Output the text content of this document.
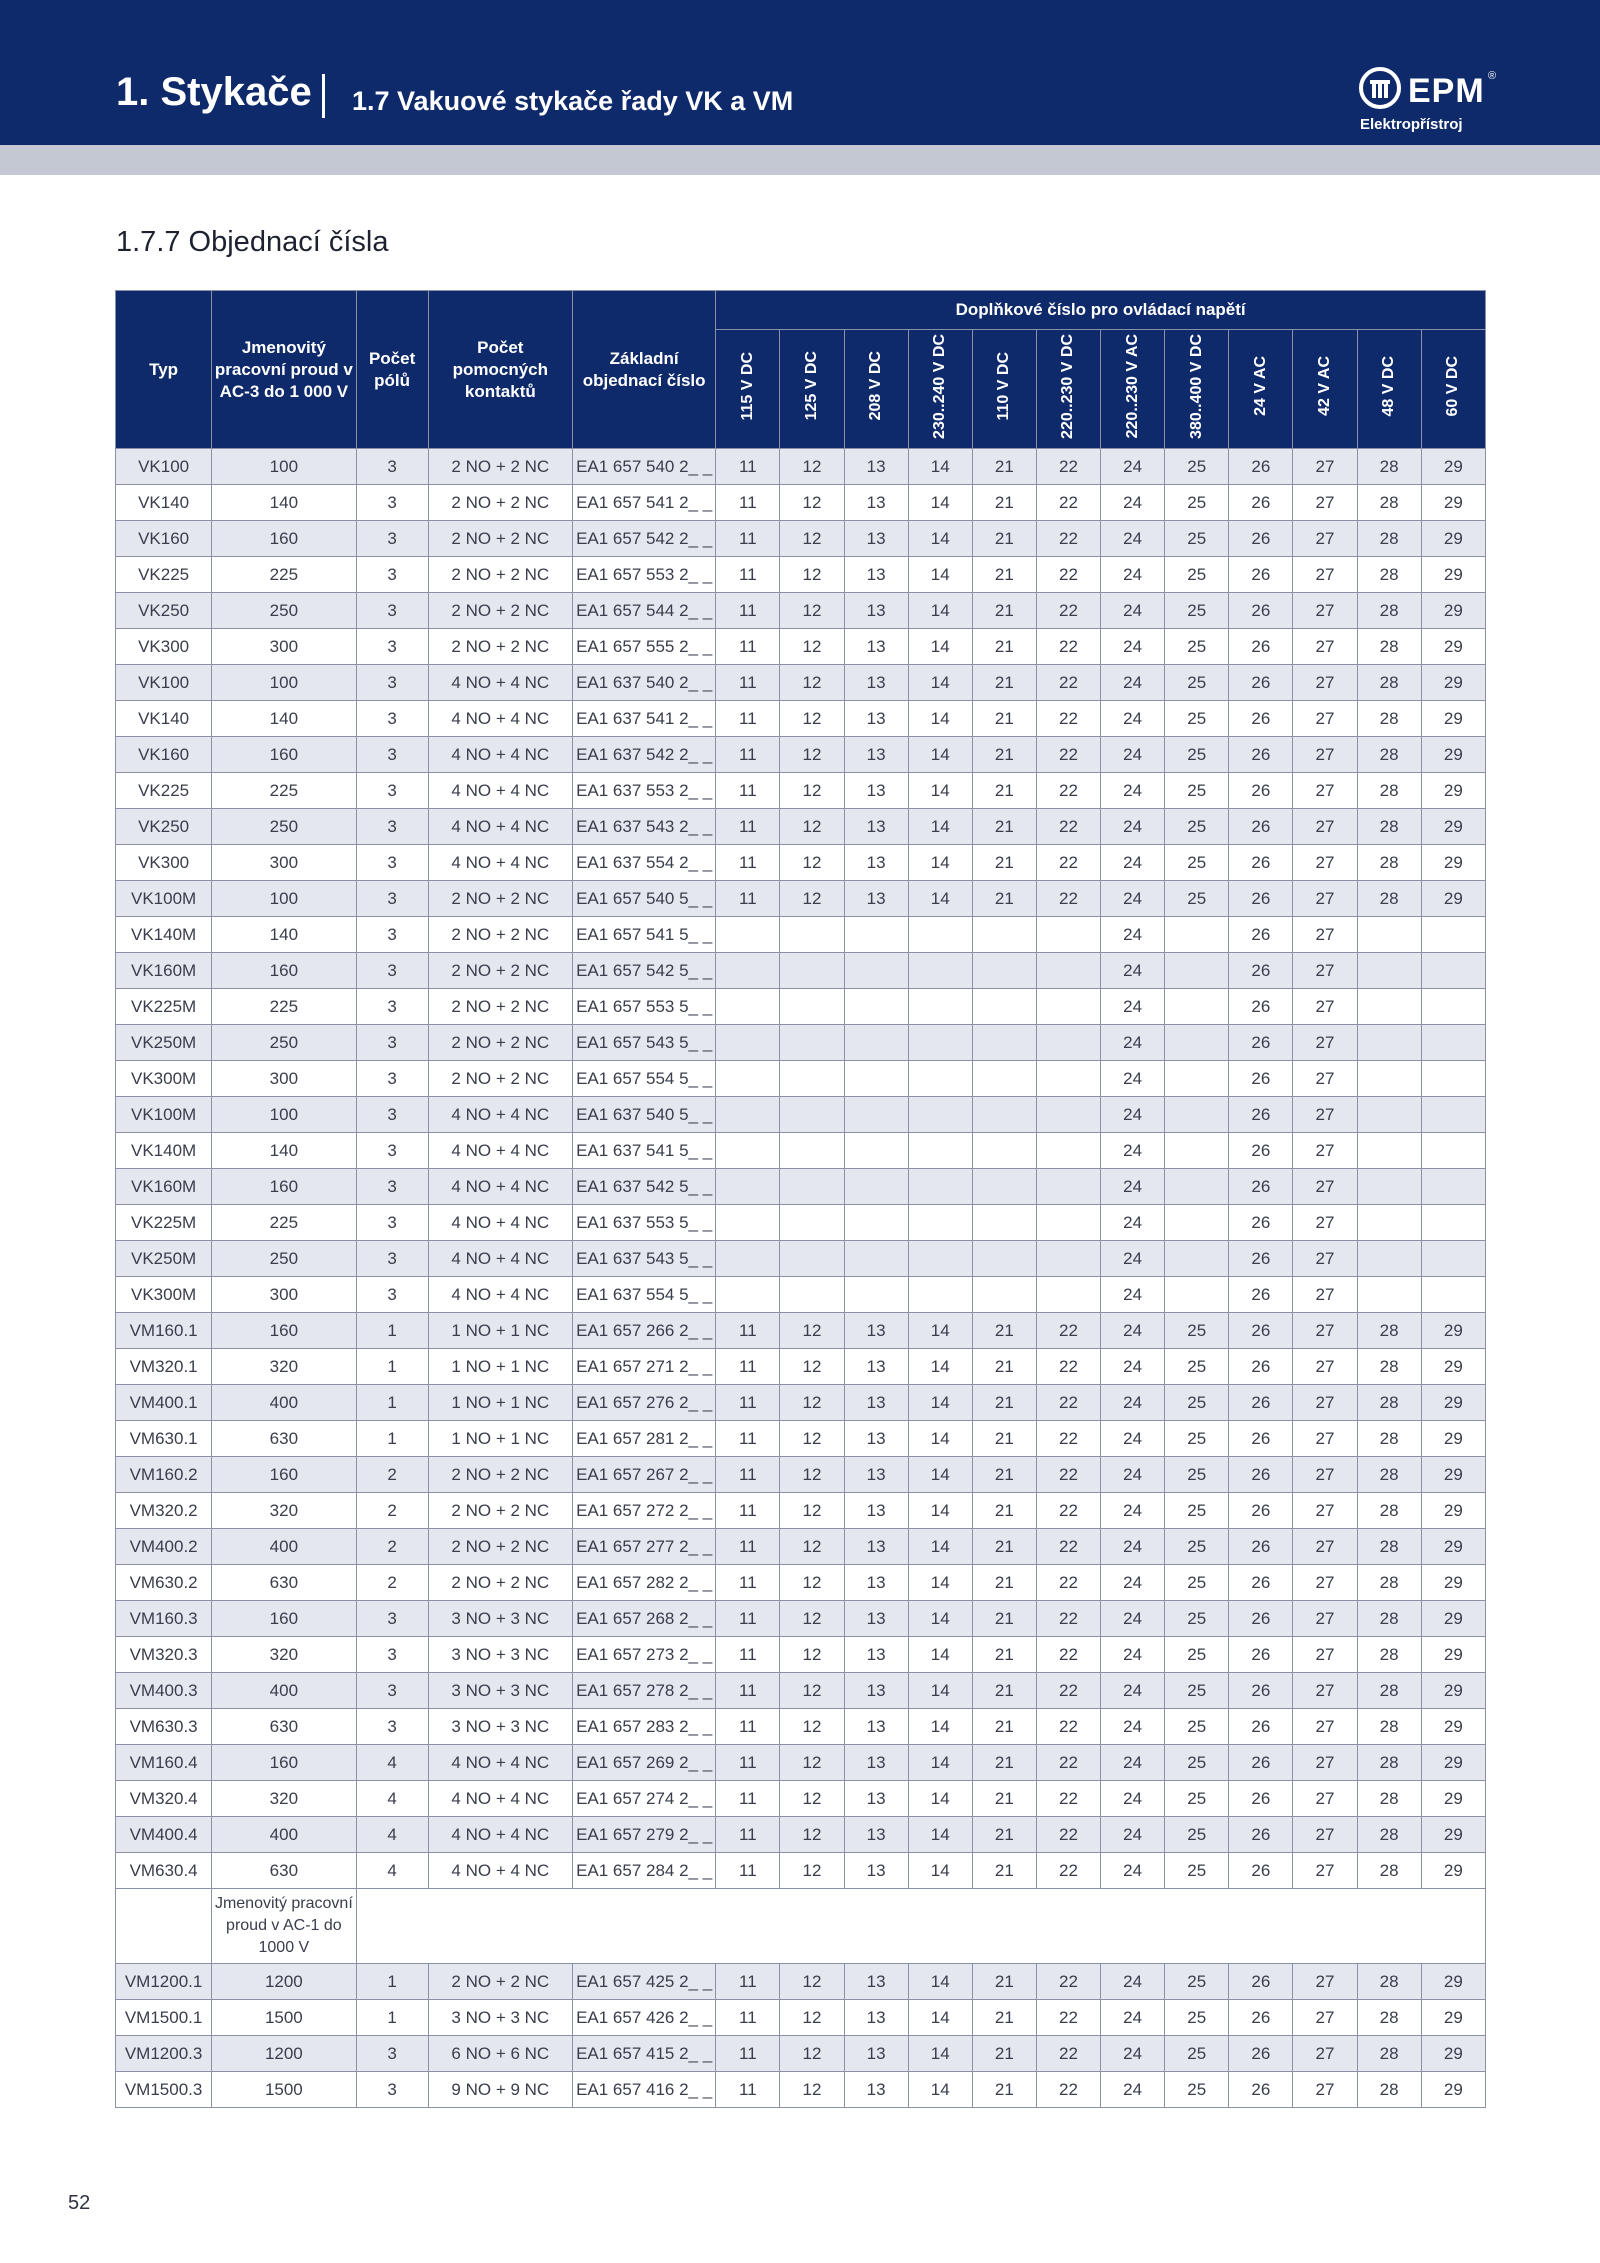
1. Stykače 1.7 Vakuové stykače řady VK a VM	EPM ®
Elektropřístroj
1.7.7 Objednací čísla
Typ	Jmenovitý pracovní proud v AC-3 do 1 000 V	Počet pólů	Počet pomocných kontaktů	Základní objednací číslo	Doplňkové číslo pro ovládací napětí											
					115 V DC	125 V DC	208 V DC	230..240 V DC	110 V DC	220..230 V DC	220..230 V AC	380..400 V DC	24 V AC	42 V AC	48 V DC	60 V DC
VK100	100	3	2 NO + 2 NC	EA1 657 540 2_ _	11	12	13	14	21	22	24	25	26	27	28	29
VK140	140	3	2 NO + 2 NC	EA1 657 541 2_ _	11	12	13	14	21	22	24	25	26	27	28	29
VK160	160	3	2 NO + 2 NC	EA1 657 542 2_ _	11	12	13	14	21	22	24	25	26	27	28	29
VK225	225	3	2 NO + 2 NC	EA1 657 553 2_ _	11	12	13	14	21	22	24	25	26	27	28	29
VK250	250	3	2 NO + 2 NC	EA1 657 544 2_ _	11	12	13	14	21	22	24	25	26	27	28	29
VK300	300	3	2 NO + 2 NC	EA1 657 555 2_ _	11	12	13	14	21	22	24	25	26	27	28	29
VK100	100	3	4 NO + 4 NC	EA1 637 540 2_ _	11	12	13	14	21	22	24	25	26	27	28	29
VK140	140	3	4 NO + 4 NC	EA1 637 541 2_ _	11	12	13	14	21	22	24	25	26	27	28	29
VK160	160	3	4 NO + 4 NC	EA1 637 542 2_ _	11	12	13	14	21	22	24	25	26	27	28	29
VK225	225	3	4 NO + 4 NC	EA1 637 553 2_ _	11	12	13	14	21	22	24	25	26	27	28	29
VK250	250	3	4 NO + 4 NC	EA1 637 543 2_ _	11	12	13	14	21	22	24	25	26	27	28	29
VK300	300	3	4 NO + 4 NC	EA1 637 554 2_ _	11	12	13	14	21	22	24	25	26	27	28	29
VK100M	100	3	2 NO + 2 NC	EA1 657 540 5_ _	11	12	13	14	21	22	24	25	26	27	28	29
VK140M	140	3	2 NO + 2 NC	EA1 657 541 5_ _							24		26	27		
VK160M	160	3	2 NO + 2 NC	EA1 657 542 5_ _							24		26	27		
VK225M	225	3	2 NO + 2 NC	EA1 657 553 5_ _							24		26	27		
VK250M	250	3	2 NO + 2 NC	EA1 657 543 5_ _							24		26	27		
VK300M	300	3	2 NO + 2 NC	EA1 657 554 5_ _							24		26	27		
VK100M	100	3	4 NO + 4 NC	EA1 637 540 5_ _							24		26	27		
VK140M	140	3	4 NO + 4 NC	EA1 637 541 5_ _							24		26	27		
VK160M	160	3	4 NO + 4 NC	EA1 637 542 5_ _							24		26	27		
VK225M	225	3	4 NO + 4 NC	EA1 637 553 5_ _							24		26	27		
VK250M	250	3	4 NO + 4 NC	EA1 637 543 5_ _							24		26	27		
VK300M	300	3	4 NO + 4 NC	EA1 637 554 5_ _							24		26	27		
VM160.1	160	1	1 NO + 1 NC	EA1 657 266 2_ _	11	12	13	14	21	22	24	25	26	27	28	29
VM320.1	320	1	1 NO + 1 NC	EA1 657 271 2_ _	11	12	13	14	21	22	24	25	26	27	28	29
VM400.1	400	1	1 NO + 1 NC	EA1 657 276 2_ _	11	12	13	14	21	22	24	25	26	27	28	29
VM630.1	630	1	1 NO + 1 NC	EA1 657 281 2_ _	11	12	13	14	21	22	24	25	26	27	28	29
VM160.2	160	2	2 NO + 2 NC	EA1 657 267 2_ _	11	12	13	14	21	22	24	25	26	27	28	29
VM320.2	320	2	2 NO + 2 NC	EA1 657 272 2_ _	11	12	13	14	21	22	24	25	26	27	28	29
VM400.2	400	2	2 NO + 2 NC	EA1 657 277 2_ _	11	12	13	14	21	22	24	25	26	27	28	29
VM630.2	630	2	2 NO + 2 NC	EA1 657 282 2_ _	11	12	13	14	21	22	24	25	26	27	28	29
VM160.3	160	3	3 NO + 3 NC	EA1 657 268 2_ _	11	12	13	14	21	22	24	25	26	27	28	29
VM320.3	320	3	3 NO + 3 NC	EA1 657 273 2_ _	11	12	13	14	21	22	24	25	26	27	28	29
VM400.3	400	3	3 NO + 3 NC	EA1 657 278 2_ _	11	12	13	14	21	22	24	25	26	27	28	29
VM630.3	630	3	3 NO + 3 NC	EA1 657 283 2_ _	11	12	13	14	21	22	24	25	26	27	28	29
VM160.4	160	4	4 NO + 4 NC	EA1 657 269 2_ _	11	12	13	14	21	22	24	25	26	27	28	29
VM320.4	320	4	4 NO + 4 NC	EA1 657 274 2_ _	11	12	13	14	21	22	24	25	26	27	28	29
VM400.4	400	4	4 NO + 4 NC	EA1 657 279 2_ _	11	12	13	14	21	22	24	25	26	27	28	29
VM630.4	630	4	4 NO + 4 NC	EA1 657 284 2_ _	11	12	13	14	21	22	24	25	26	27	28	29
	Jmenovitý pracovní proud v AC-1 do 1000 V															
VM1200.1	1200	1	2 NO + 2 NC	EA1 657 425 2_ _	11	12	13	14	21	22	24	25	26	27	28	29
VM1500.1	1500	1	3 NO + 3 NC	EA1 657 426 2_ _	11	12	13	14	21	22	24	25	26	27	28	29
VM1200.3	1200	3	6 NO + 6 NC	EA1 657 415 2_ _	11	12	13	14	21	22	24	25	26	27	28	29
VM1500.3	1500	3	9 NO + 9 NC	EA1 657 416 2_ _	11	12	13	14	21	22	24	25	26	27	28	29
52
